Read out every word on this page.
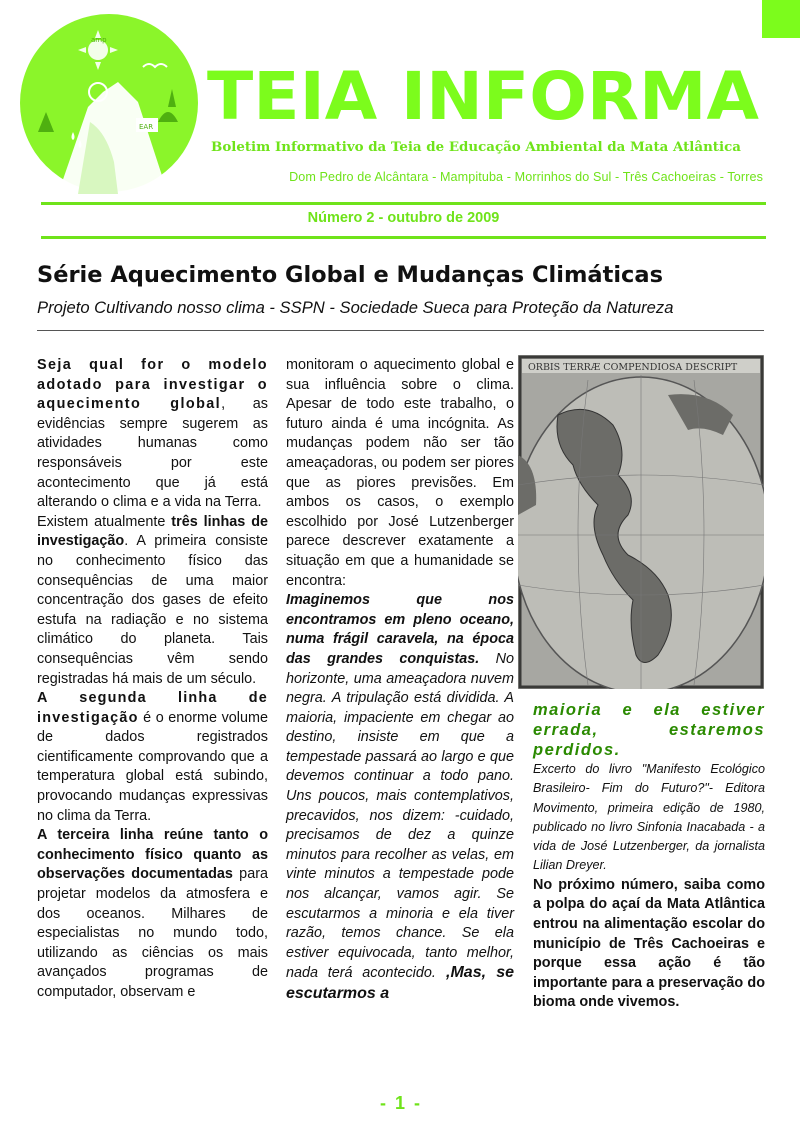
EAR
amp
TEIA INFORMA
Boletim Informativo da Teia de Educação Ambiental da Mata Atlântica
Dom Pedro de Alcântara - Mampituba - Morrinhos do Sul - Três Cachoeiras - Torres
Número 2 - outubro de 2009
Série Aquecimento Global e Mudanças Climáticas
Projeto Cultivando nosso clima - SSPN - Sociedade Sueca para Proteção da Natureza

Seja qual for o modelo adotado para investigar o aquecimento global, as evidências sempre sugerem as atividades humanas como responsáveis por este acontecimento que já está alterando o clima e a vida na Terra.

Existem atualmente três linhas de investigação. A primeira consiste no conhecimento físico das consequências de uma maior concentração dos gases de efeito estufa na radiação e no sistema climático do planeta. Tais consequências vêm sendo registradas há mais de um século.

A segunda linha de investigação é o enorme volume de dados registrados cientificamente comprovando que a temperatura global está subindo, provocando mudanças expressivas no clima da Terra.

A terceira linha reúne tanto o conhecimento físico quanto as observações documentadas para projetar modelos da atmosfera e dos oceanos. Milhares de especialistas no mundo todo, utilizando as ciências os mais avançados programas de computador, observam e

monitoram o aquecimento global e sua influência sobre o clima. Apesar de todo este trabalho, o futuro ainda é uma incógnita. As mudanças podem não ser tão ameaçadoras, ou podem ser piores que as piores previsões. Em ambos os casos, o exemplo escolhido por José Lutzenberger parece descrever exatamente a situação em que a humanidade se encontra:

Imaginemos que nos encontramos em pleno oceano, numa frágil caravela, na época das grandes conquistas. No horizonte, uma ameaçadora nuvem negra. A tripulação está dividida. A maioria, impaciente em chegar ao destino, insiste em que a tempestade passará ao largo e que devemos continuar a todo pano. Uns poucos, mais contemplativos, precavidos, nos dizem: -cuidado, precisamos de dez a quinze minutos para recolher as velas, em vinte minutos a tempestade pode nos alcançar, vamos agir. Se escutarmos a minoria e ela tiver razão, temos chance. Se ela estiver equivocada, tanto melhor, nada terá acontecido. ,Mas, se escutarmos a

ORBIS TERRÆ COMPENDIOSA DESCRIPT

maioria e ela estiver errada, estaremos perdidos.

Excerto do livro "Manifesto Ecológico Brasileiro- Fim do Futuro?"- Editora Movimento, primeira edição de 1980, publicado no livro Sinfonia Inacabada - a vida de José Lutzenberger, da jornalista Lilian Dreyer.

No próximo número, saiba como a polpa do açaí da Mata Atlântica entrou na alimentação escolar do município de Três Cachoeiras e porque essa ação é tão importante para a preservação do bioma onde vivemos.

- 1 -
